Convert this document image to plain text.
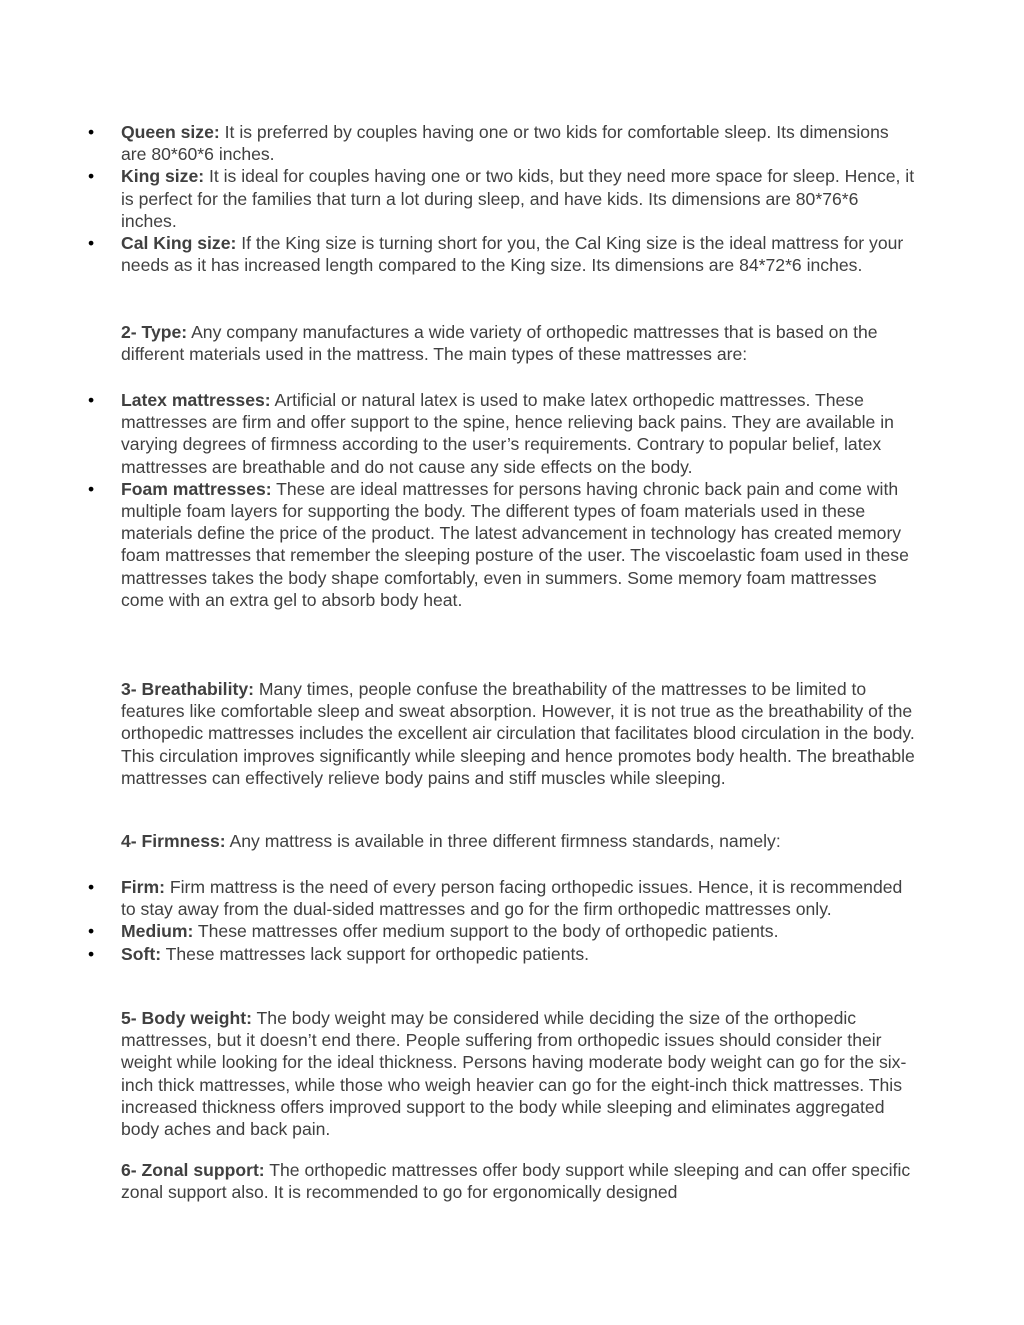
• Queen size: It is preferred by couples having one or two kids for comfortable sleep. Its dimensions are 80*60*6 inches.
• King size: It is ideal for couples having one or two kids, but they need more space for sleep. Hence, it is perfect for the families that turn a lot during sleep, and have kids. Its dimensions are 80*76*6 inches.
• Cal King size: If the King size is turning short for you, the Cal King size is the ideal mattress for your needs as it has increased length compared to the King size. Its dimensions are 84*72*6 inches.

2- Type: Any company manufactures a wide variety of orthopedic mattresses that is based on the different materials used in the mattress. The main types of these mattresses are:

• Latex mattresses: Artificial or natural latex is used to make latex orthopedic mattresses. These mattresses are firm and offer support to the spine, hence relieving back pains. They are available in varying degrees of firmness according to the user’s requirements. Contrary to popular belief, latex mattresses are breathable and do not cause any side effects on the body.
• Foam mattresses: These are ideal mattresses for persons having chronic back pain and come with multiple foam layers for supporting the body. The different types of foam materials used in these materials define the price of the product. The latest advancement in technology has created memory foam mattresses that remember the sleeping posture of the user. The viscoelastic foam used in these mattresses takes the body shape comfortably, even in summers. Some memory foam mattresses come with an extra gel to absorb body heat.

3- Breathability: Many times, people confuse the breathability of the mattresses to be limited to features like comfortable sleep and sweat absorption. However, it is not true as the breathability of the orthopedic mattresses includes the excellent air circulation that facilitates blood circulation in the body. This circulation improves significantly while sleeping and hence promotes body health. The breathable mattresses can effectively relieve body pains and stiff muscles while sleeping.

4- Firmness: Any mattress is available in three different firmness standards, namely:

• Firm: Firm mattress is the need of every person facing orthopedic issues. Hence, it is recommended to stay away from the dual-sided mattresses and go for the firm orthopedic mattresses only.
• Medium: These mattresses offer medium support to the body of orthopedic patients.
• Soft: These mattresses lack support for orthopedic patients.

5- Body weight: The body weight may be considered while deciding the size of the orthopedic mattresses, but it doesn’t end there. People suffering from orthopedic issues should consider their weight while looking for the ideal thickness. Persons having moderate body weight can go for the six-inch thick mattresses, while those who weigh heavier can go for the eight-inch thick mattresses. This increased thickness offers improved support to the body while sleeping and eliminates aggregated body aches and back pain.

6- Zonal support: The orthopedic mattresses offer body support while sleeping and can offer specific zonal support also. It is recommended to go for ergonomically designed
